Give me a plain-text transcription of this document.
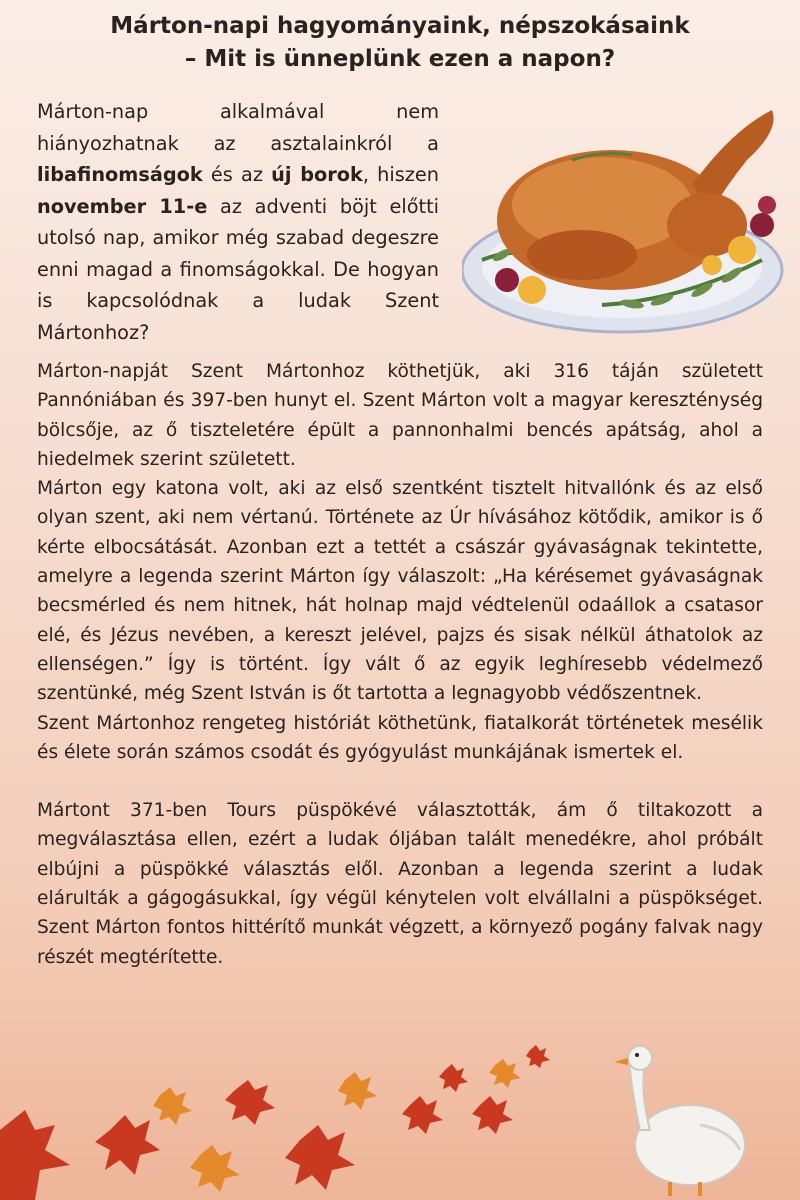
Márton-napi hagyományaink, népszokásaink
– Mit is ünneplünk ezen a napon?

Márton-nap alkalmával nem hiányozhatnak az asztalainkról a libafinomságok és az új borok, hiszen november 11-e az adventi böjt előtti utolsó nap, amikor még szabad degeszre enni magad a finomságokkal. De hogyan is kapcsolódnak a ludak Szent Mártonhoz?

Márton-napját Szent Mártonhoz köthetjük, aki 316 táján született Pannóniában és 397-ben hunyt el. Szent Márton volt a magyar kereszténység bölcsője, az ő tiszteletére épült a pannonhalmi bencés apátság, ahol a hiedelmek szerint született.

Márton egy katona volt, aki az első szentként tisztelt hitvallónk és az első olyan szent, aki nem vértanú. Története az Úr hívásához kötődik, amikor is ő kérte elbocsátását. Azonban ezt a tettét a császár gyávaságnak tekintette, amelyre a legenda szerint Márton így válaszolt: „Ha kérésemet gyávaságnak becsmérled és nem hitnek, hát holnap majd védtelenül odaállok a csatasor elé, és Jézus nevében, a kereszt jelével, pajzs és sisak nélkül áthatolok az ellenségen.” Így is történt. Így vált ő az egyik leghíresebb védelmező szentünké, még Szent István is őt tartotta a legnagyobb védőszentnek.

Szent Mártonhoz rengeteg históriát köthetünk, fiatalkorát történetek mesélik és élete során számos csodát és gyógyulást munkájának ismertek el.

Mártont 371-ben Tours püspökévé választották, ám ő tiltakozott a megválasztása ellen, ezért a ludak óljában talált menedékre, ahol próbált elbújni a püspökké választás elől. Azonban a legenda szerint a ludak elárulták a gágogásukkal, így végül kénytelen volt elvállalni a püspökséget. Szent Márton fontos hittérítő munkát végzett, a környező pogány falvak nagy részét megtérítette.
